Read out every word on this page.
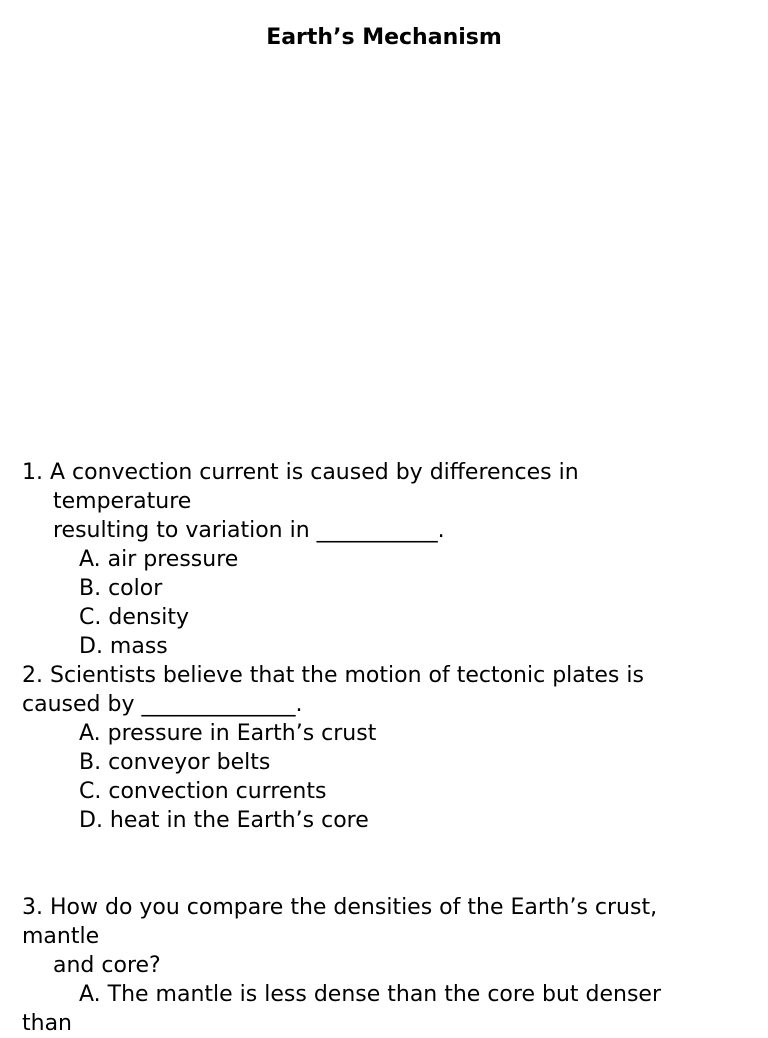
Earth’s Mechanism
1. A convection current is caused by differences in
temperature
resulting to variation in ___________.
A. air pressure
B. color
C. density
D. mass
2. Scientists believe that the motion of tectonic plates is
caused by ______________.
A. pressure in Earth’s crust
B. conveyor belts
C. convection currents
D. heat in the Earth’s core
3. How do you compare the densities of the Earth’s crust,
mantle
and core?
A. The mantle is less dense than the core but denser
than
